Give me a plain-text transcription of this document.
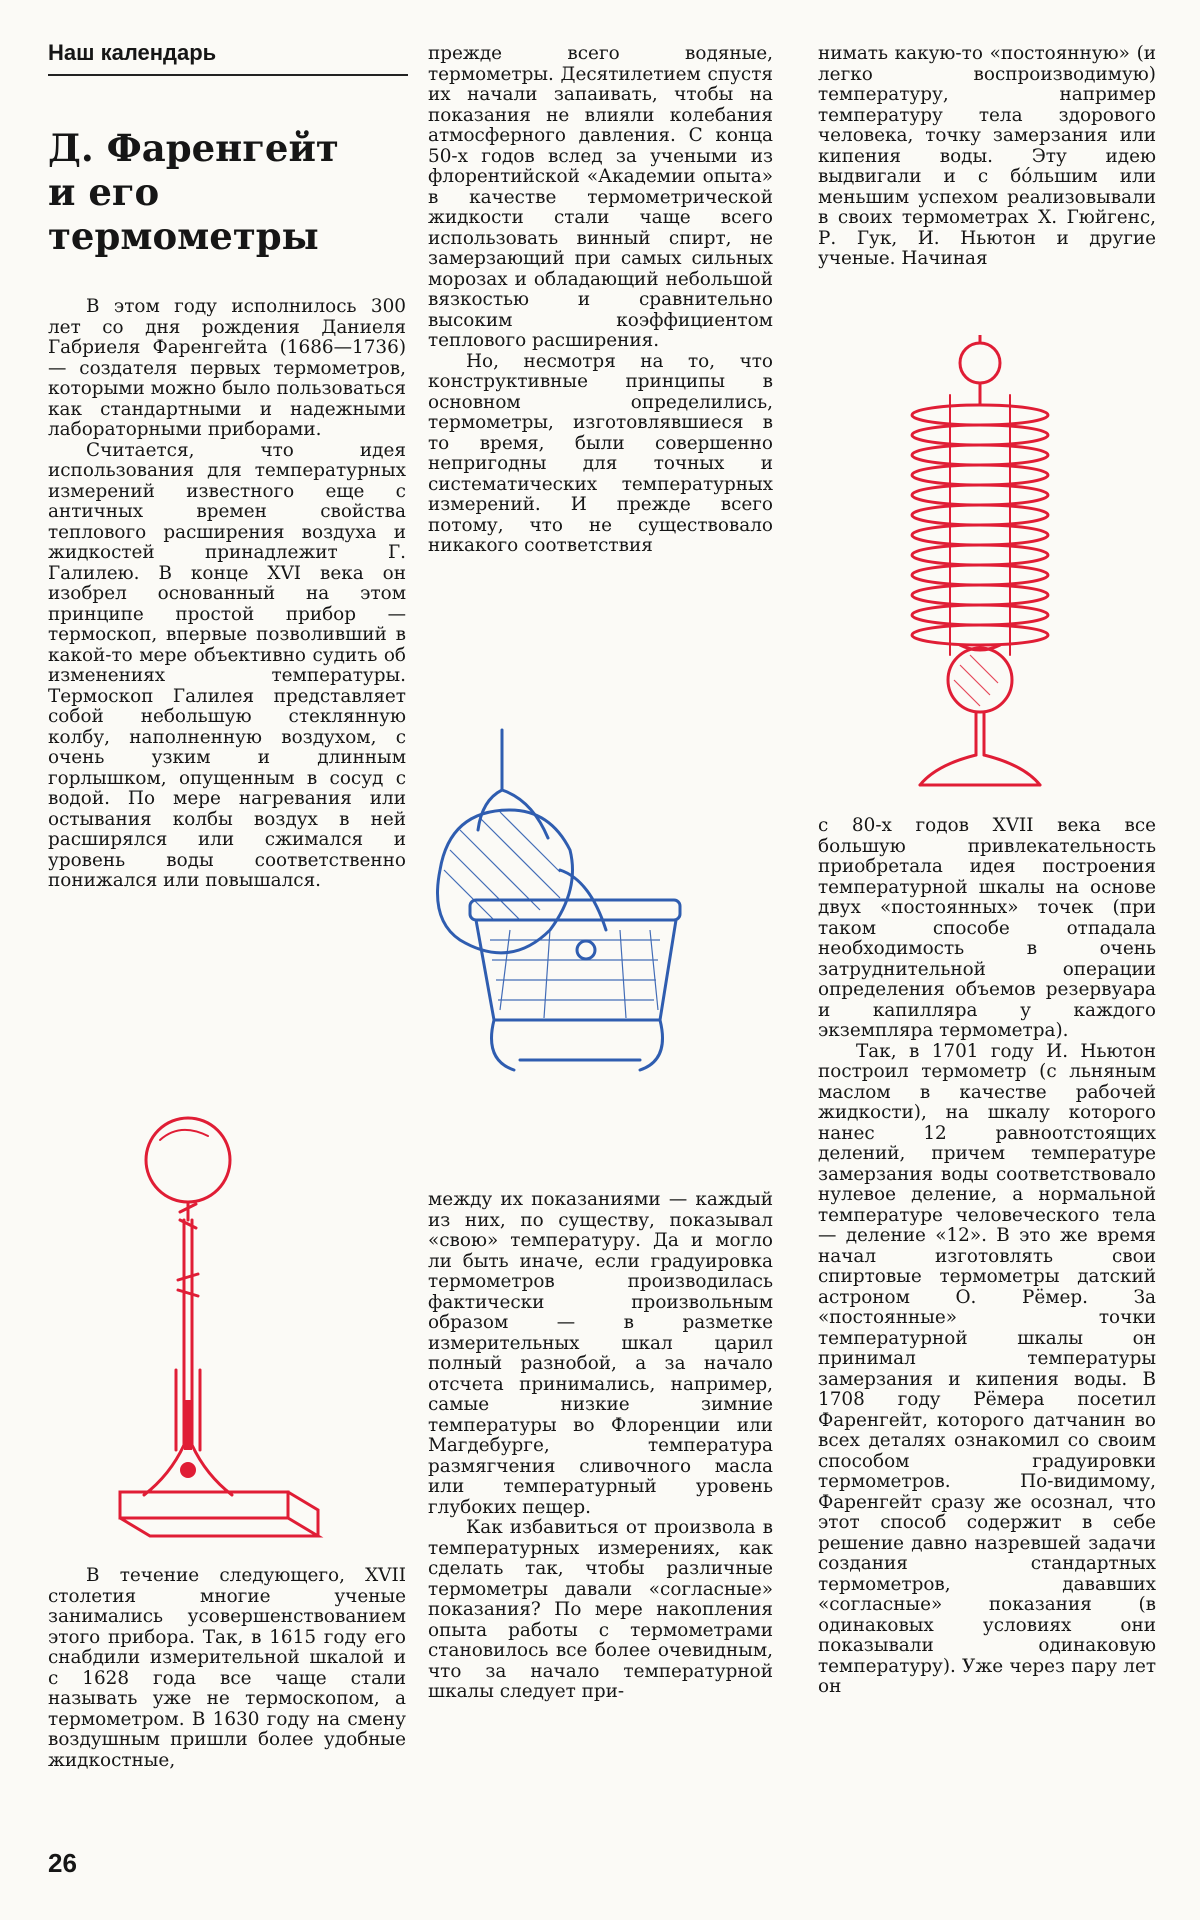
Наш календарь
Д. Фаренгейт
и его
термометры

В этом году исполнилось 300 лет со дня рождения Даниеля Габриеля Фаренгейта (1686—1736) — создателя первых термометров, которыми можно было пользоваться как стандартными и надежными лабораторными приборами.

Считается, что идея использования для температурных измерений известного еще с античных времен свойства теплового расширения воздуха и жидкостей принадлежит Г. Галилею. В конце XVI века он изобрел основанный на этом принципе простой прибор — термоскоп, впервые позволивший в какой-то мере объективно судить об изменениях температуры. Термоскоп Галилея представляет собой небольшую стеклянную колбу, наполненную воздухом, с очень узким и длинным горлышком, опущенным в сосуд с водой. По мере нагревания или остывания колбы воздух в ней расширялся или сжимался и уровень воды соответственно понижался или повышался.

В течение следующего, XVII столетия многие ученые занимались усовершенствованием этого прибора. Так, в 1615 году его снабдили измерительной шкалой и с 1628 года все чаще стали называть уже не термоскопом, а термометром. В 1630 году на смену воздушным пришли более удобные жидкостные,

прежде всего водяные, термометры. Десятилетием спустя их начали запаивать, чтобы на показания не влияли колебания атмосферного давления. С конца 50-х годов вслед за учеными из флорентийской «Академии опыта» в качестве термометрической жидкости стали чаще всего использовать винный спирт, не замерзающий при самых сильных морозах и обладающий небольшой вязкостью и сравнительно высоким коэффициентом теплового расширения.

Но, несмотря на то, что конструктивные принципы в основном определились, термометры, изготовлявшиеся в то время, были совершенно непригодны для точных и систематических температурных измерений. И прежде всего потому, что не существовало никакого соответствия

между их показаниями — каждый из них, по существу, показывал «свою» температуру. Да и могло ли быть иначе, если градуировка термометров производилась фактически произвольным образом — в разметке измерительных шкал царил полный разнобой, а за начало отсчета принимались, например, самые низкие зимние температуры во Флоренции или Магдебурге, температура размягчения сливочного масла или температурный уровень глубоких пещер.

Как избавиться от произвола в температурных измерениях, как сделать так, чтобы различные термометры давали «согласные» показания? По мере накопления опыта работы с термометрами становилось все более очевидным, что за начало температурной шкалы следует при-

нимать какую-то «постоянную» (и легко воспроизводимую) температуру, например температуру тела здорового человека, точку замерзания или кипения воды. Эту идею выдвигали и с бо́льшим или меньшим успехом реализовывали в своих термометрах X. Гюйгенс, Р. Гук, И. Ньютон и другие ученые. Начиная

с 80-х годов XVII века все большую привлекательность приобретала идея построения температурной шкалы на основе двух «постоянных» точек (при таком способе отпадала необходимость в очень затруднительной операции определения объемов резервуара и капилляра у каждого экземпляра термометра).

Так, в 1701 году И. Ньютон построил термометр (с льняным маслом в качестве рабочей жидкости), на шкалу которого нанес 12 равноотстоящих делений, причем температуре замерзания воды соответствовало нулевое деление, а нормальной температуре человеческого тела — деление «12». В это же время начал изготовлять свои спиртовые термометры датский астроном О. Рёмер. За «постоянные» точки температурной шкалы он принимал температуры замерзания и кипения воды. В 1708 году Рёмера посетил Фаренгейт, которого датчанин во всех деталях ознакомил со своим способом градуировки термометров. По-видимому, Фаренгейт сразу же осознал, что этот способ содержит в себе решение давно назревшей задачи создания стандартных термометров, дававших «согласные» показания (в одинаковых условиях они показывали одинаковую температуру). Уже через пару лет он

26
